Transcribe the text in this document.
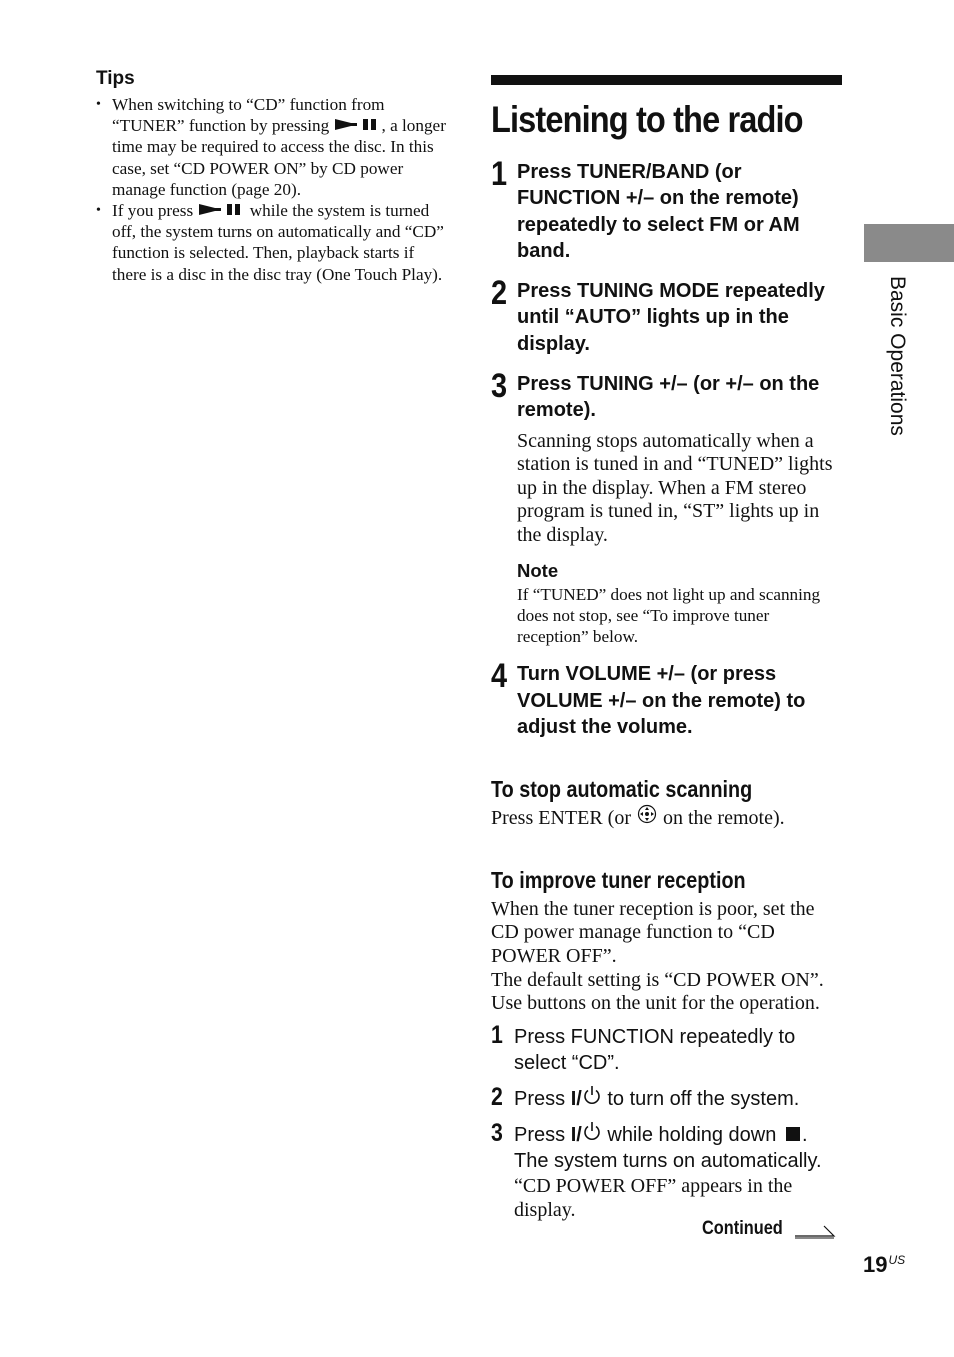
Tips
• When switching to “CD” function from “TUNER” function by pressing	, a longer time may be required to access the disc. In this case, set “CD POWER ON” by CD power manage function (page 20).
• If you press	while the system is turned off, the system turns on automatically and “CD” function is selected. Then, playback starts if there is a disc in the disc tray (One Touch Play).
Listening to the radio
1 Press TUNER/BAND (or FUNCTION +/– on the remote) repeatedly to select FM or AM band.
2 Press TUNING MODE repeatedly until “AUTO” lights up in the display.
3 Press TUNING +/– (or +/– on the remote).
Scanning stops automatically when a station is tuned in and “TUNED” lights up in the display. When a FM stereo program is tuned in, “ST” lights up in the display.
Note
If “TUNED” does not light up and scanning does not stop, see “To improve tuner reception” below.
4 Turn VOLUME +/– (or press VOLUME +/– on the remote) to adjust the volume.
To stop automatic scanning
Press ENTER (or  on the remote).
To improve tuner reception
When the tuner reception is poor, set the CD power manage function to “CD POWER OFF”.
The default setting is “CD POWER ON”.
Use buttons on the unit for the operation.
1 Press FUNCTION repeatedly to select “CD”.
2 Press I/ to turn off the system.
3 Press I/ while holding down .
The system turns on automatically.
“CD POWER OFF” appears in the display.
Basic Operations
Continued
$19^{US}$
